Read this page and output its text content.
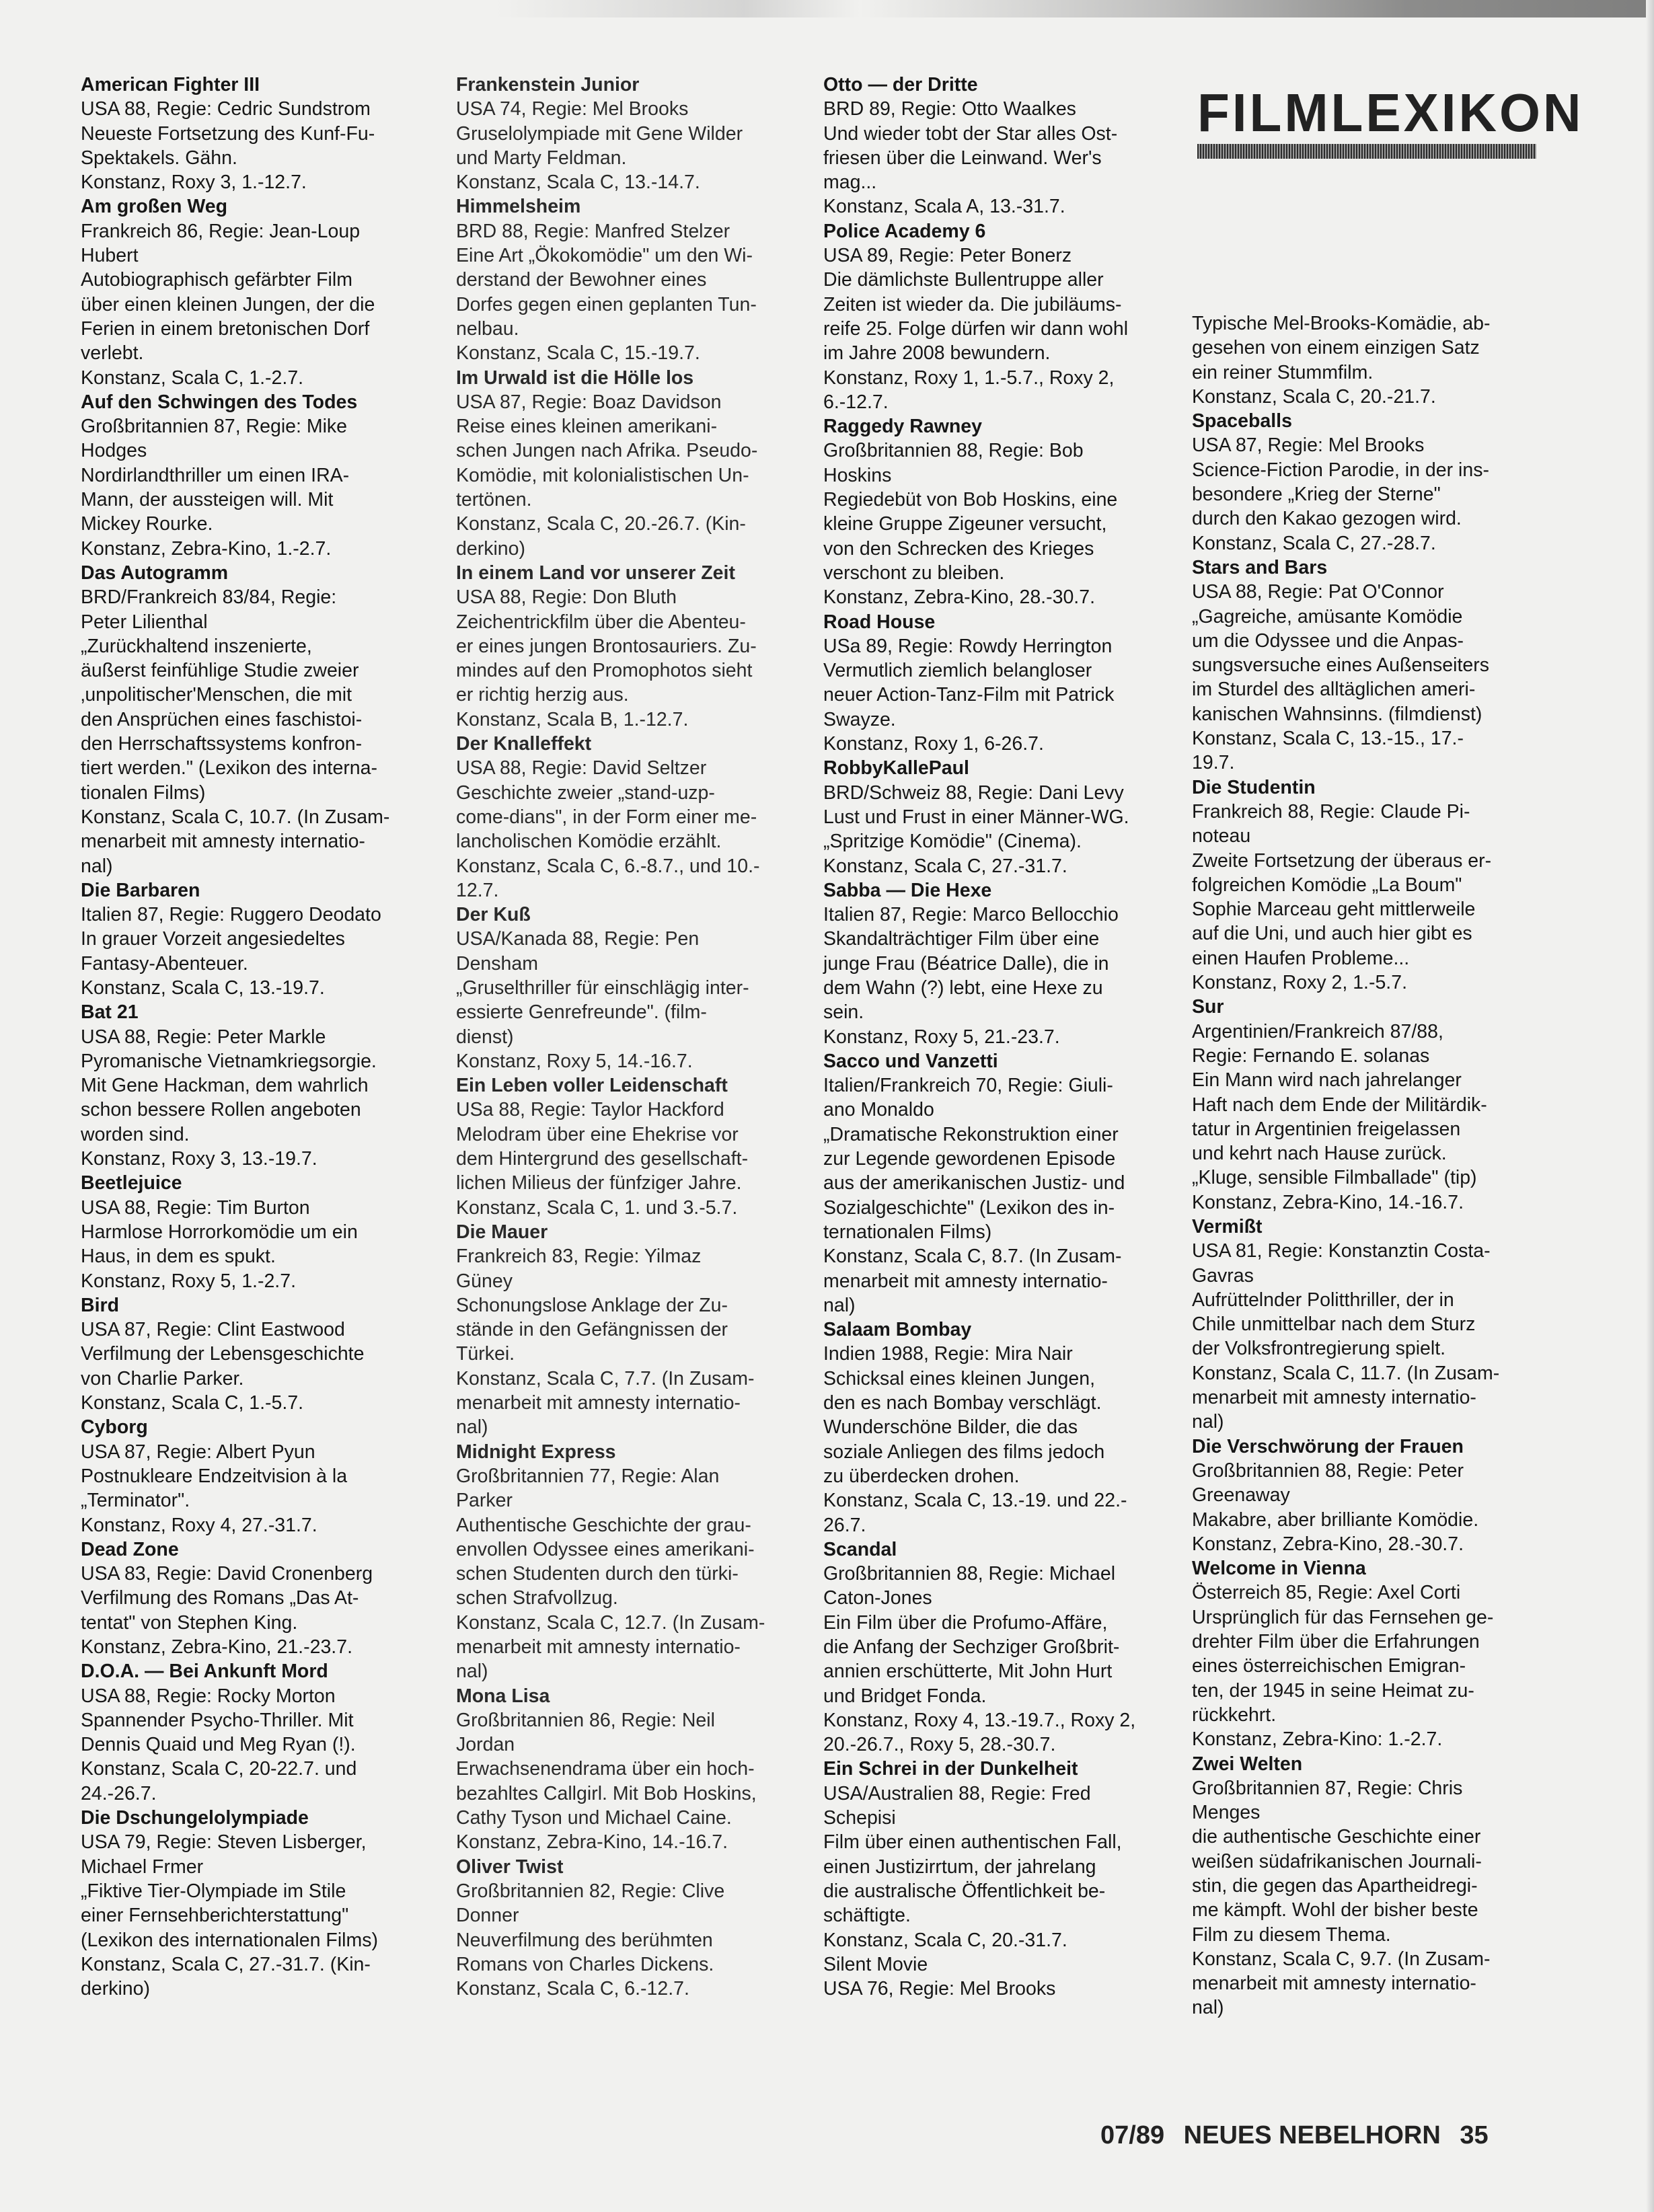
FILMLEXIKON
American Fighter III
USA 88, Regie: Cedric Sundstrom
Neueste Fortsetzung des Kunf-Fu-
Spektakels. Gähn.
Konstanz, Roxy 3, 1.-12.7.
Am großen Weg
Frankreich 86, Regie: Jean-Loup
Hubert
Autobiographisch gefärbter Film
über einen kleinen Jungen, der die
Ferien in einem bretonischen Dorf
verlebt.
Konstanz, Scala C, 1.-2.7.
Auf den Schwingen des Todes
Großbritannien 87, Regie: Mike
Hodges
Nordirlandthriller um einen IRA-
Mann, der aussteigen will. Mit
Mickey Rourke.
Konstanz, Zebra-Kino, 1.-2.7.
Das Autogramm
BRD/Frankreich 83/84, Regie:
Peter Lilienthal
„Zurückhaltend inszenierte,
äußerst feinfühlige Studie zweier
‚unpolitischer'Menschen, die mit
den Ansprüchen eines faschistoi-
den Herrschaftssystems konfron-
tiert werden." (Lexikon des interna-
tionalen Films)
Konstanz, Scala C, 10.7. (In Zusam-
menarbeit mit amnesty internatio-
nal)
Die Barbaren
Italien 87, Regie: Ruggero Deodato
In grauer Vorzeit angesiedeltes
Fantasy-Abenteuer.
Konstanz, Scala C, 13.-19.7.
Bat 21
USA 88, Regie: Peter Markle
Pyromanische Vietnamkriegsorgie.
Mit Gene Hackman, dem wahrlich
schon bessere Rollen angeboten
worden sind.
Konstanz, Roxy 3, 13.-19.7.
Beetlejuice
USA 88, Regie: Tim Burton
Harmlose Horrorkomödie um ein
Haus, in dem es spukt.
Konstanz, Roxy 5, 1.-2.7.
Bird
USA 87, Regie: Clint Eastwood
Verfilmung der Lebensgeschichte
von Charlie Parker.
Konstanz, Scala C, 1.-5.7.
Cyborg
USA 87, Regie: Albert Pyun
Postnukleare Endzeitvision à la
„Terminator".
Konstanz, Roxy 4, 27.-31.7.
Dead Zone
USA 83, Regie: David Cronenberg
Verfilmung des Romans „Das At-
tentat" von Stephen King.
Konstanz, Zebra-Kino, 21.-23.7.
D.O.A. — Bei Ankunft Mord
USA 88, Regie: Rocky Morton
Spannender Psycho-Thriller. Mit
Dennis Quaid und Meg Ryan (!).
Konstanz, Scala C, 20-22.7. und
24.-26.7.
Die Dschungelolympiade
USA 79, Regie: Steven Lisberger,
Michael Frmer
„Fiktive Tier-Olympiade im Stile
einer Fernsehberichterstattung"
(Lexikon des internationalen Films)
Konstanz, Scala C, 27.-31.7. (Kin-
derkino)
Frankenstein Junior
USA 74, Regie: Mel Brooks
Gruselolympiade mit Gene Wilder
und Marty Feldman.
Konstanz, Scala C, 13.-14.7.
Himmelsheim
BRD 88, Regie: Manfred Stelzer
Eine Art „Ökokomödie" um den Wi-
derstand der Bewohner eines
Dorfes gegen einen geplanten Tun-
nelbau.
Konstanz, Scala C, 15.-19.7.
Im Urwald ist die Hölle los
USA 87, Regie: Boaz Davidson
Reise eines kleinen amerikani-
schen Jungen nach Afrika. Pseudo-
Komödie, mit kolonialistischen Un-
tertönen.
Konstanz, Scala C, 20.-26.7. (Kin-
derkino)
In einem Land vor unserer Zeit
USA 88, Regie: Don Bluth
Zeichentrickfilm über die Abenteu-
er eines jungen Brontosauriers. Zu-
mindes auf den Promophotos sieht
er richtig herzig aus.
Konstanz, Scala B, 1.-12.7.
Der Knalleffekt
USA 88, Regie: David Seltzer
Geschichte zweier „stand-uzp-
come-dians", in der Form einer me-
lancholischen Komödie erzählt.
Konstanz, Scala C, 6.-8.7., und 10.-
12.7.
Der Kuß
USA/Kanada 88, Regie: Pen
Densham
„Gruselthriller für einschlägig inter-
essierte Genrefreunde". (film-
dienst)
Konstanz, Roxy 5, 14.-16.7.
Ein Leben voller Leidenschaft
USa 88, Regie: Taylor Hackford
Melodram über eine Ehekrise vor
dem Hintergrund des gesellschaft-
lichen Milieus der fünfziger Jahre.
Konstanz, Scala C, 1. und 3.-5.7.
Die Mauer
Frankreich 83, Regie: Yilmaz
Güney
Schonungslose Anklage der Zu-
stände in den Gefängnissen der
Türkei.
Konstanz, Scala C, 7.7. (In Zusam-
menarbeit mit amnesty internatio-
nal)
Midnight Express
Großbritannien 77, Regie: Alan
Parker
Authentische Geschichte der grau-
envollen Odyssee eines amerikani-
schen Studenten durch den türki-
schen Strafvollzug.
Konstanz, Scala C, 12.7. (In Zusam-
menarbeit mit amnesty internatio-
nal)
Mona Lisa
Großbritannien 86, Regie: Neil
Jordan
Erwachsenendrama über ein hoch-
bezahltes Callgirl. Mit Bob Hoskins,
Cathy Tyson und Michael Caine.
Konstanz, Zebra-Kino, 14.-16.7.
Oliver Twist
Großbritannien 82, Regie: Clive
Donner
Neuverfilmung des berühmten
Romans von Charles Dickens.
Konstanz, Scala C, 6.-12.7.
Otto — der Dritte
BRD 89, Regie: Otto Waalkes
Und wieder tobt der Star alles Ost-
friesen über die Leinwand. Wer's
mag...
Konstanz, Scala A, 13.-31.7.
Police Academy 6
USA 89, Regie: Peter Bonerz
Die dämlichste Bullentruppe aller
Zeiten ist wieder da. Die jubiläums-
reife 25. Folge dürfen wir dann wohl
im Jahre 2008 bewundern.
Konstanz, Roxy 1, 1.-5.7., Roxy 2,
6.-12.7.
Raggedy Rawney
Großbritannien 88, Regie: Bob
Hoskins
Regiedebüt von Bob Hoskins, eine
kleine Gruppe Zigeuner versucht,
von den Schrecken des Krieges
verschont zu bleiben.
Konstanz, Zebra-Kino, 28.-30.7.
Road House
USa 89, Regie: Rowdy Herrington
Vermutlich ziemlich belangloser
neuer Action-Tanz-Film mit Patrick
Swayze.
Konstanz, Roxy 1, 6-26.7.
RobbyKallePaul
BRD/Schweiz 88, Regie: Dani Levy
Lust und Frust in einer Männer-WG.
„Spritzige Komödie" (Cinema).
Konstanz, Scala C, 27.-31.7.
Sabba — Die Hexe
Italien 87, Regie: Marco Bellocchio
Skandalträchtiger Film über eine
junge Frau (Béatrice Dalle), die in
dem Wahn (?) lebt, eine Hexe zu
sein.
Konstanz, Roxy 5, 21.-23.7.
Sacco und Vanzetti
Italien/Frankreich 70, Regie: Giuli-
ano Monaldo
„Dramatische Rekonstruktion einer
zur Legende gewordenen Episode
aus der amerikanischen Justiz- und
Sozialgeschichte" (Lexikon des in-
ternationalen Films)
Konstanz, Scala C, 8.7. (In Zusam-
menarbeit mit amnesty internatio-
nal)
Salaam Bombay
Indien 1988, Regie: Mira Nair
Schicksal eines kleinen Jungen,
den es nach Bombay verschlägt.
Wunderschöne Bilder, die das
soziale Anliegen des films jedoch
zu überdecken drohen.
Konstanz, Scala C, 13.-19. und 22.-
26.7.
Scandal
Großbritannien 88, Regie: Michael
Caton-Jones
Ein Film über die Profumo-Affäre,
die Anfang der Sechziger Großbrit-
annien erschütterte, Mit John Hurt
und Bridget Fonda.
Konstanz, Roxy 4, 13.-19.7., Roxy 2,
20.-26.7., Roxy 5, 28.-30.7.
Ein Schrei in der Dunkelheit
USA/Australien 88, Regie: Fred
Schepisi
Film über einen authentischen Fall,
einen Justizirrtum, der jahrelang
die australische Öffentlichkeit be-
schäftigte.
Konstanz, Scala C, 20.-31.7.
Silent Movie
USA 76, Regie: Mel Brooks
Typische Mel-Brooks-Komädie, ab-
gesehen von einem einzigen Satz
ein reiner Stummfilm.
Konstanz, Scala C, 20.-21.7.
Spaceballs
USA 87, Regie: Mel Brooks
Science-Fiction Parodie, in der ins-
besondere „Krieg der Sterne"
durch den Kakao gezogen wird.
Konstanz, Scala C, 27.-28.7.
Stars and Bars
USA 88, Regie: Pat O'Connor
„Gagreiche, amüsante Komödie
um die Odyssee und die Anpas-
sungsversuche eines Außenseiters
im Sturdel des alltäglichen ameri-
kanischen Wahnsinns. (filmdienst)
Konstanz, Scala C, 13.-15., 17.-
19.7.
Die Studentin
Frankreich 88, Regie: Claude Pi-
noteau
Zweite Fortsetzung der überaus er-
folgreichen Komödie „La Boum"
Sophie Marceau geht mittlerweile
auf die Uni, und auch hier gibt es
einen Haufen Probleme...
Konstanz, Roxy 2, 1.-5.7.
Sur
Argentinien/Frankreich 87/88,
Regie: Fernando E. solanas
Ein Mann wird nach jahrelanger
Haft nach dem Ende der Militärdik-
tatur in Argentinien freigelassen
und kehrt nach Hause zurück.
„Kluge, sensible Filmballade" (tip)
Konstanz, Zebra-Kino, 14.-16.7.
Vermißt
USA 81, Regie: Konstanztin Costa-
Gavras
Aufrüttelnder Politthriller, der in
Chile unmittelbar nach dem Sturz
der Volksfrontregierung spielt.
Konstanz, Scala C, 11.7. (In Zusam-
menarbeit mit amnesty internatio-
nal)
Die Verschwörung der Frauen
Großbritannien 88, Regie: Peter
Greenaway
Makabre, aber brilliante Komödie.
Konstanz, Zebra-Kino, 28.-30.7.
Welcome in Vienna
Österreich 85, Regie: Axel Corti
Ursprünglich für das Fernsehen ge-
drehter Film über die Erfahrungen
eines österreichischen Emigran-
ten, der 1945 in seine Heimat zu-
rückkehrt.
Konstanz, Zebra-Kino: 1.-2.7.
Zwei Welten
Großbritannien 87, Regie: Chris
Menges
die authentische Geschichte einer
weißen südafrikanischen Journali-
stin, die gegen das Apartheidregi-
me kämpft. Wohl der bisher beste
Film zu diesem Thema.
Konstanz, Scala C, 9.7. (In Zusam-
menarbeit mit amnesty internatio-
nal)
07/89 NEUES NEBELHORN 35
